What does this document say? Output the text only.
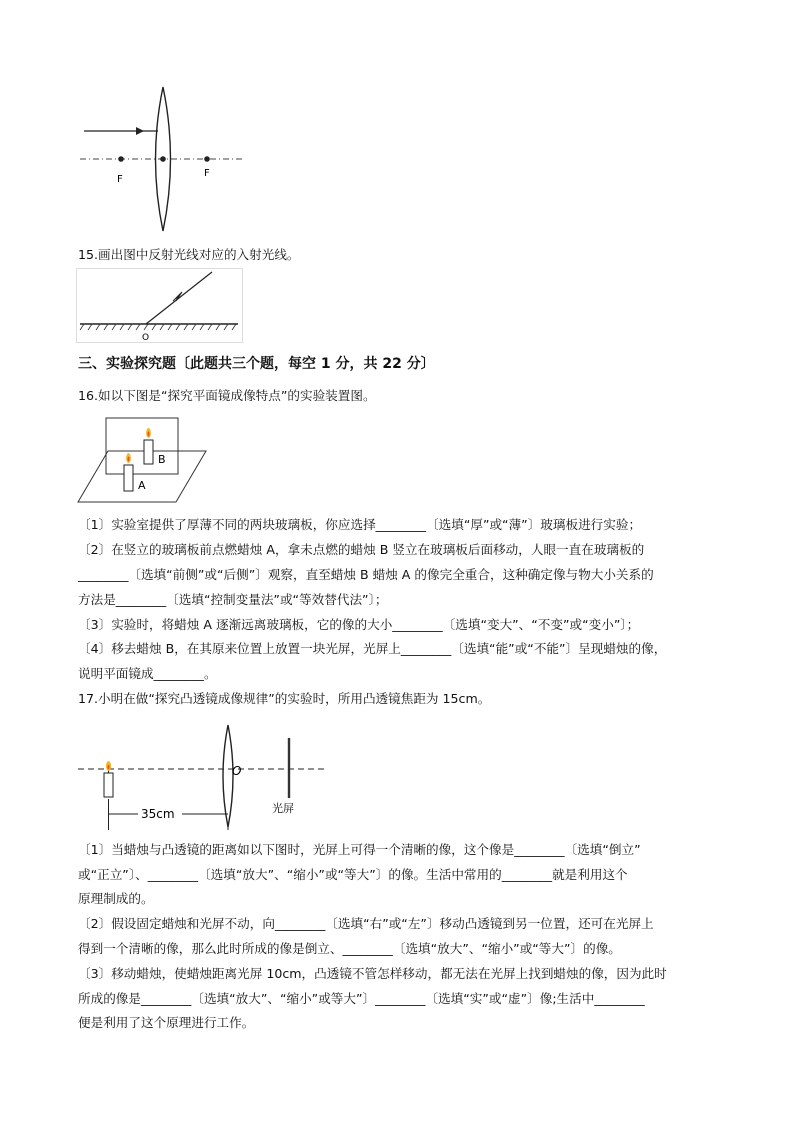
F
F
15.画出图中反射光线对应的入射光线。
O
三、实验探究题〔此题共三个题，每空 1 分，共 22 分〕
16.如以下图是“探究平面镜成像特点”的实验装置图。
B
A
〔1〕实验室提供了厚薄不同的两块玻璃板，你应选择________〔选填“厚”或“薄”〕玻璃板进行实验；
〔2〕在竖立的玻璃板前点燃蜡烛 A，拿未点燃的蜡烛 B 竖立在玻璃板后面移动，人眼一直在玻璃板的
________〔选填“前侧”或“后侧”〕观察，直至蜡烛 B 蜡烛 A 的像完全重合，这种确定像与物大小关系的
方法是________〔选填“控制变量法”或“等效替代法”〕；
〔3〕实验时，将蜡烛 A 逐渐远离玻璃板，它的像的大小________〔选填“变大”、“不变”或“变小”〕；
〔4〕移去蜡烛 B，在其原来位置上放置一块光屏，光屏上________〔选填“能”或“不能”〕呈现蜡烛的像，
说明平面镜成________。
17.小明在做“探究凸透镜成像规律”的实验时，所用凸透镜焦距为 15cm。
O
光屏
35cm
〔1〕当蜡烛与凸透镜的距离如以下图时，光屏上可得一个清晰的像，这个像是________〔选填“倒立”
或“正立”〕、________〔选填“放大”、“缩小”或“等大”〕的像。生活中常用的________就是利用这个
原理制成的。
〔2〕假设固定蜡烛和光屏不动，向________〔选填“右”或“左”〕移动凸透镜到另一位置，还可在光屏上
得到一个清晰的像，那么此时所成的像是倒立、________〔选填“放大”、“缩小”或“等大”〕的像。
〔3〕移动蜡烛，使蜡烛距离光屏 10cm，凸透镜不管怎样移动，都无法在光屏上找到蜡烛的像，因为此时
所成的像是________〔选填“放大”、“缩小”或等大”〕________〔选填“实”或“虚”〕像;生活中________
便是利用了这个原理进行工作。
